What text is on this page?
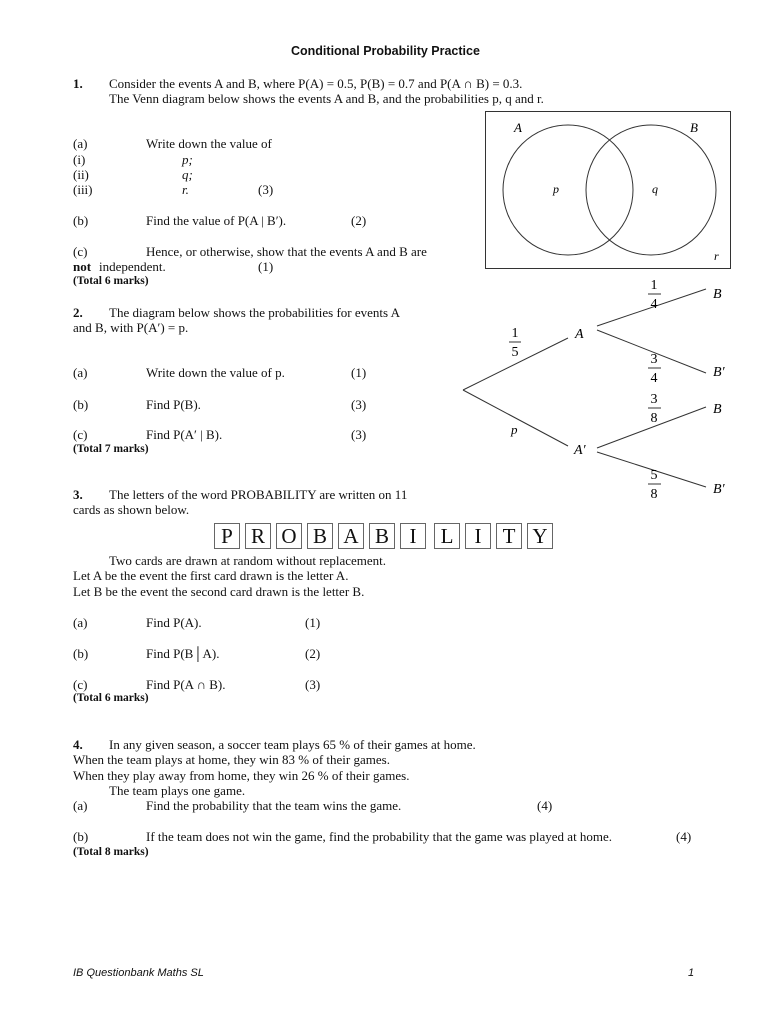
Conditional Probability Practice
1. Consider the events A and B, where P(A) = 0.5, P(B) = 0.7 and P(A ∩ B) = 0.3.
The Venn diagram below shows the events A and B, and the probabilities p, q and r.
(a)	Write down the value of
(i)	p;
(ii)	q;
(iii)	r.	(3)
(b)	Find the value of P(A | B′).	(2)
(c)	Hence, or otherwise, show that the events A and B are
not independent.	(1)
(Total 6 marks)
A	B
p	q
r
2. The diagram below shows the probabilities for events A
and B, with P(A′) = p.
(a)	Write down the value of p.	(1)
(b)	Find P(B).	(3)
(c)	Find P(A′ | B).	(3)
(Total 7 marks)
1
5
1
4
3
4
3
8
5
8
A
p
A′
B
B′
B
B′
3. The letters of the word PROBABILITY are written on 11
cards as shown below.
P R O B A B I	L	I	T Y
Two cards are drawn at random without replacement.
Let A be the event the first card drawn is the letter A.
Let B be the event the second card drawn is the letter B.
(a)	Find P(A).	(1)
(b)	Find P(B│A).	(2)
(c)	Find P(A ∩ B).	(3)
(Total 6 marks)
4. In any given season, a soccer team plays 65 % of their games at home.
When the team plays at home, they win 83 % of their games.
When they play away from home, they win 26 % of their games.
The team plays one game.
(a)	Find the probability that the team wins the game.	(4)
(b)	If the team does not win the game, find the probability that the game was played at home.	(4)
(Total 8 marks)
IB Questionbank Maths SL	1
